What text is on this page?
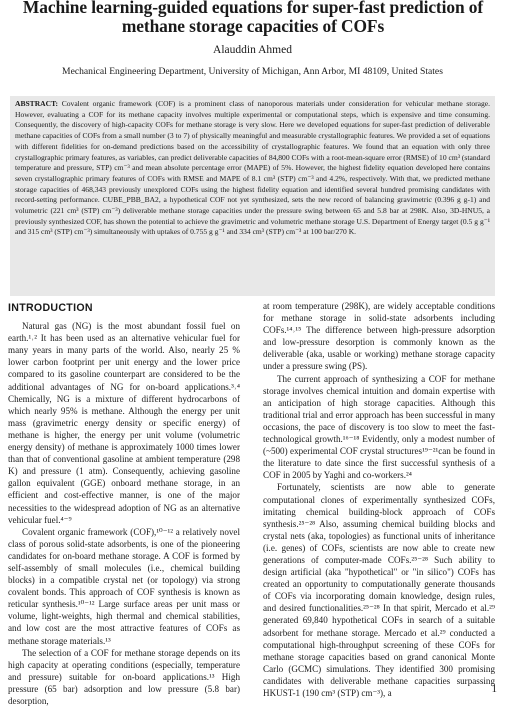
Machine learning-guided equations for super-fast prediction of methane storage capacities of COFs
Alauddin Ahmed
Mechanical Engineering Department, University of Michigan, Ann Arbor, MI 48109, United States
ABSTRACT: Covalent organic framework (COF) is a prominent class of nanoporous materials under consideration for vehicular methane storage. However, evaluating a COF for its methane capacity involves multiple experimental or computational steps, which is expensive and time consuming. Consequently, the discovery of high-capacity COFs for methane storage is very slow. Here we developed equations for super-fast prediction of deliverable methane capacities of COFs from a small number (3 to 7) of physically meaningful and measurable crystallographic features. We provided a set of equations with different fidelities for on-demand predictions based on the accessibility of crystallographic features. We found that an equation with only three crystallographic primary features, as variables, can predict deliverable capacities of 84,800 COFs with a root-mean-square error (RMSE) of 10 cm³ (standard temperature and pressure, STP) cm⁻³ and mean absolute percentage error (MAPE) of 5%. However, the highest fidelity equation developed here contains seven crystallographic primary features of COFs with RMSE and MAPE of 8.1 cm³ (STP) cm⁻³ and 4.2%, respectively. With that, we predicted methane storage capacities of 468,343 previously unexplored COFs using the highest fidelity equation and identified several hundred promising candidates with record-setting performance. CUBE_PBB_BA2, a hypothetical COF not yet synthesized, sets the new record of balancing gravimetric (0.396 g g-1) and volumetric (221 cm³ (STP) cm⁻³) deliverable methane storage capacities under the pressure swing between 65 and 5.8 bar at 298K. Also, 3D-HNU5, a previously synthesized COF, has shown the potential to achieve the gravimetric and volumetric methane storage U.S. Department of Energy target (0.5 g g⁻¹ and 315 cm³ (STP) cm⁻³) simultaneously with uptakes of 0.755 g g⁻¹ and 334 cm³ (STP) cm⁻³ at 100 bar/270 K.
INTRODUCTION

Natural gas (NG) is the most abundant fossil fuel on earth.¹˒² It has been used as an alternative vehicular fuel for many years in many parts of the world. Also, nearly 25 % lower carbon footprint per unit energy and the lower price compared to its gasoline counterpart are considered to be the additional advantages of NG for on-board applications.³˒⁴ Chemically, NG is a mixture of different hydrocarbons of which nearly 95% is methane. Although the energy per unit mass (gravimetric energy density or specific energy) of methane is higher, the energy per unit volume (volumetric energy density) of methane is approximately 1000 times lower than that of conventional gasoline at ambient temperature (298 K) and pressure (1 atm). Consequently, achieving gasoline gallon equivalent (GGE) onboard methane storage, in an efficient and cost-effective manner, is one of the major necessities to the widespread adoption of NG as an alternative vehicular fuel.⁴⁻⁹

Covalent organic framework (COF),¹⁰⁻¹² a relatively novel class of porous solid-state adsorbents, is one of the pioneering candidates for on-board methane storage. A COF is formed by self-assembly of small molecules (i.e., chemical building blocks) in a compatible crystal net (or topology) via strong covalent bonds. This approach of COF synthesis is known as reticular synthesis.¹⁰⁻¹² Large surface areas per unit mass or volume, light-weights, high thermal and chemical stabilities, and low cost are the most attractive features of COFs as methane storage materials.¹³

The selection of a COF for methane storage depends on its high capacity at operating conditions (especially, temperature and pressure) suitable for on-board applications.¹³ High pressure (65 bar) adsorption and low pressure (5.8 bar) desorption,

at room temperature (298K), are widely acceptable conditions for methane storage in solid-state adsorbents including COFs.¹⁴˒¹⁵ The difference between high-pressure adsorption and low-pressure desorption is commonly known as the deliverable (aka, usable or working) methane storage capacity under a pressure swing (PS).

The current approach of synthesizing a COF for methane storage involves chemical intuition and domain expertise with an anticipation of high storage capacities. Although this traditional trial and error approach has been successful in many occasions, the pace of discovery is too slow to meet the fast-technological growth.¹⁶⁻¹⁸ Evidently, only a modest number of (~500) experimental COF crystal structures¹⁹⁻²¹can be found in the literature to date since the first successful synthesis of a COF in 2005 by Yaghi and co-workers.²⁴

Fortunately, scientists are now able to generate computational clones of experimentally synthesized COFs, imitating chemical building-block approach of COFs synthesis.²⁵⁻²⁸ Also, assuming chemical building blocks and crystal nets (aka, topologies) as functional units of inheritance (i.e. genes) of COFs, scientists are now able to create new generations of computer-made COFs.²⁵⁻²⁸ Such ability to design artificial (aka "hypothetical" or "in silico") COFs has created an opportunity to computationally generate thousands of COFs via incorporating domain knowledge, design rules, and desired functionalities.²⁵⁻²⁸ In that spirit, Mercado et al.²⁹ generated 69,840 hypothetical COFs in search of a suitable adsorbent for methane storage. Mercado et al.²⁹ conducted a computational high-throughput screening of these COFs for methane storage capacities based on grand canonical Monte Carlo (GCMC) simulations. They identified 300 promising candidates with deliverable methane capacities surpassing HKUST-1 (190 cm³ (STP) cm⁻³), a	1
